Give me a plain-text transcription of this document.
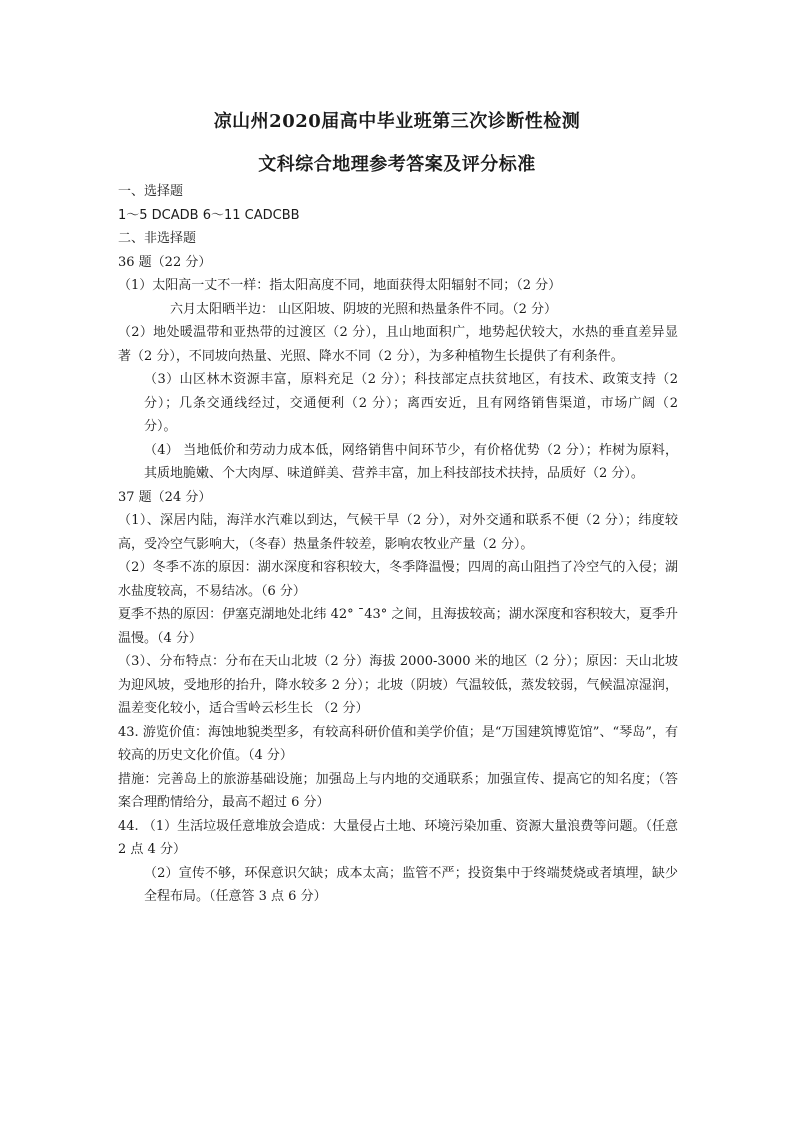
凉山州2020届高中毕业班第三次诊断性检测
文科综合地理参考答案及评分标准

一、选择题

1～5 DCADB 6～11 CADCBB

二、非选择题

36 题（22 分）

（1）太阳高一丈不一样：指太阳高度不同，地面获得太阳辐射不同；（2 分）

六月太阳晒半边： 山区阳坡、阴坡的光照和热量条件不同。（2 分）

（2）地处暖温带和亚热带的过渡区（2 分），且山地面积广，地势起伏较大，水热的垂直差异显著（2 分），不同坡向热量、光照、降水不同（2 分），为多种植物生长提供了有利条件。

（3）山区林木资源丰富，原料充足（2 分）；科技部定点扶贫地区，有技术、政策支持（2 分）；几条交通线经过，交通便利（2 分）；离西安近，且有网络销售渠道，市场广阔（2 分）。

（4） 当地低价和劳动力成本低，网络销售中间环节少，有价格优势（2 分）；柞树为原料，其质地脆嫩、个大肉厚、味道鲜美、营养丰富，加上科技部技术扶持，品质好（2 分）。

37 题（24 分）

（1）、深居内陆，海洋水汽难以到达，气候干旱（2 分），对外交通和联系不便（2 分）；纬度较高，受冷空气影响大，（冬春）热量条件较差，影响农牧业产量（2 分）。

（2）冬季不冻的原因：湖水深度和容积较大，冬季降温慢；四周的高山阻挡了冷空气的入侵；湖水盐度较高，不易结冰。（6 分）

夏季不热的原因：伊塞克湖地处北纬 42° ¯43° 之间，且海拔较高；湖水深度和容积较大，夏季升温慢。（4 分）

（3）、分布特点：分布在天山北坡（2 分）海拔 2000-3000 米的地区（2 分）；原因：天山北坡为迎风坡，受地形的抬升，降水较多 2 分）；北坡（阴坡）气温较低，蒸发较弱，气候温凉湿润，温差变化较小，适合雪岭云杉生长 （2 分）

43. 游览价值：海蚀地貌类型多，有较高科研价值和美学价值；是“万国建筑博览馆”、“琴岛”，有较高的历史文化价值。（4 分）

措施：完善岛上的旅游基础设施；加强岛上与内地的交通联系；加强宣传、提高它的知名度；（答案合理酌情给分，最高不超过 6 分）

44. （1）生活垃圾任意堆放会造成：大量侵占土地、环境污染加重、资源大量浪费等问题。（任意 2 点 4 分）

（2）宣传不够，环保意识欠缺；成本太高；监管不严；投资集中于终端焚烧或者填埋，缺少全程布局。（任意答 3 点 6 分）
